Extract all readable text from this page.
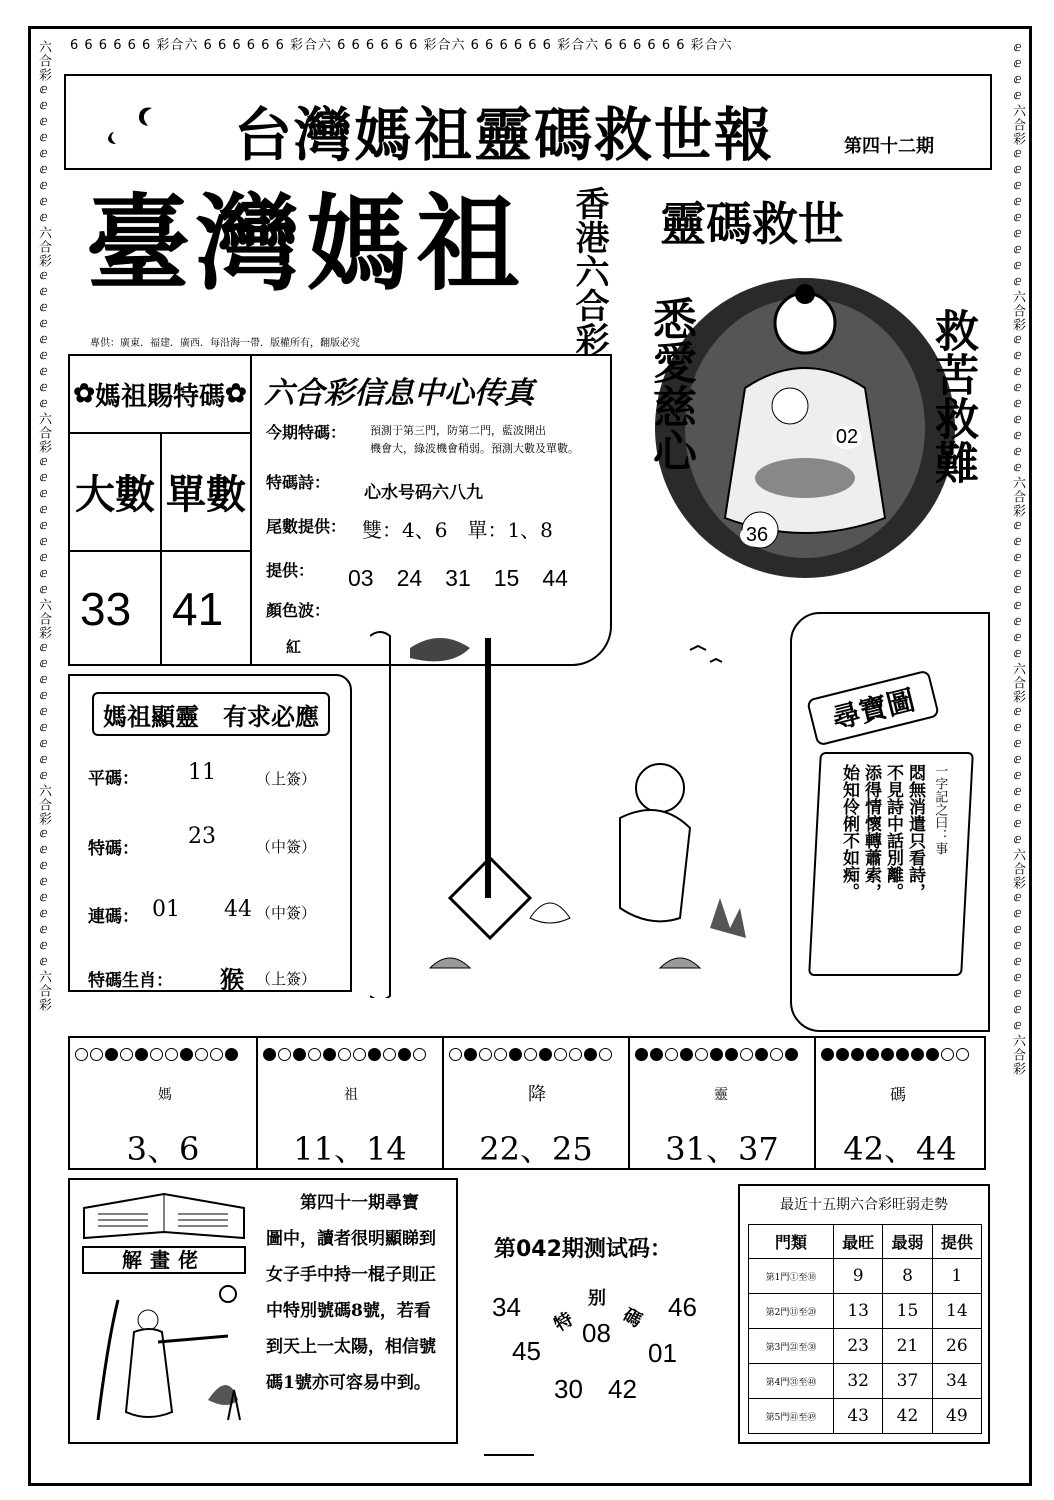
6 6 6 6 6 6 彩合六 6 6 6 6 6 6 彩合六 6 6 6 6 6 6 彩合六 6 6 6 6 6 6 彩合六 6 6 6 6 6 6 彩合六
六合彩ⅇⅇⅇⅇⅇⅇⅇⅇⅇ六合彩ⅇⅇⅇⅇⅇⅇⅇⅇⅇ六合彩ⅇⅇⅇⅇⅇⅇⅇⅇⅇ六合彩ⅇⅇⅇⅇⅇⅇⅇⅇⅇ六合彩ⅇⅇⅇⅇⅇⅇⅇⅇⅇ六合彩
ⅇⅇⅇⅇ六合彩ⅇⅇⅇⅇⅇⅇⅇⅇⅇ六合彩ⅇⅇⅇⅇⅇⅇⅇⅇⅇ六合彩ⅇⅇⅇⅇⅇⅇⅇⅇⅇ六合彩ⅇⅇⅇⅇⅇⅇⅇⅇⅇ六合彩ⅇⅇⅇⅇⅇⅇⅇⅇⅇ六合彩
台灣媽祖靈碼救世報	第四十二期
臺灣媽祖 香港六合彩
專供：廣東．福建．廣西．每沿海一帶．版權所有，翻版必究
靈碼救世
悉愛慈心	救苦救難
02
36
✿ 媽祖賜特碼 ✿
大數 單數
33 41
六合彩信息中心传真
今期特碼： 預測于第三門，防第二門，藍波開出
機會大，綠波機會稍弱。預測大數及單數。
特碼詩：
心水号码六八九
尾數提供： 雙：4、6　單：1、8
提供： 03　24　31　15　44
顏色波：
紅
媽祖顯靈　有求必應
平碼： 11	（上簽）
特碼： 23	（中簽）
連碼： 01　　44 （中簽）
特碼生肖： 猴 （上簽）
尋寶圖
一字記之曰：事
悶無消遣只看詩，
不見詩中話別離。
添得情懷轉蕭索，
始知伶俐不如痴。
媽
3、6
祖
11、14
降
22、25
靈
31、37
碼
42、44
解畫佬
第四十一期尋寶
圖中，讀者很明顯睇到
女子手中持一棍子則正
中特別號碼8號，若看
到天上一太陽，相信號
碼1號亦可容易中到。
第042期测试码：
34
特
别
碼 46
08
45	01
30 42
最近十五期六合彩旺弱走勢
門類	最旺	最弱	提供
第1門①至⑩	9	8	1
第2門⑪至⑳	13	15	14
第3門㉑至㉚	23	21	26
第4門㉛至㊵	32	37	34
第5門㊶至㊾	43	42	49
